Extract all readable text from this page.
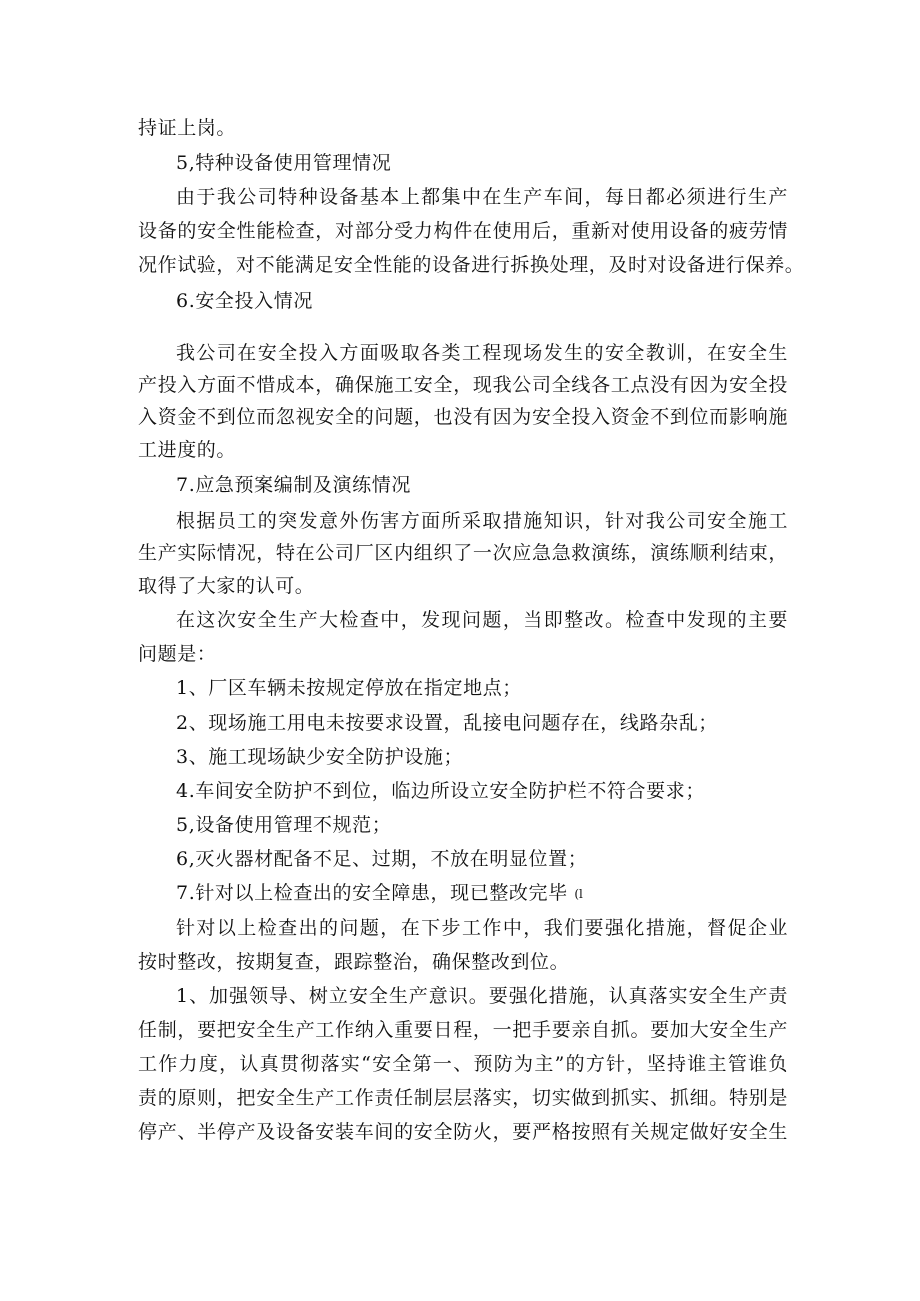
持证上岗。
5,特种设备使用管理情况
由于我公司特种设备基本上都集中在生产车间，每日都必须进行生产
设备的安全性能检查，对部分受力构件在使用后，重新对使用设备的疲劳情
况作试验，对不能满足安全性能的设备进行拆换处理，及时对设备进行保养。
6.安全投入情况
我公司在安全投入方面吸取各类工程现场发生的安全教训，在安全生
产投入方面不惜成本，确保施工安全，现我公司全线各工点没有因为安全投
入资金不到位而忽视安全的问题，也没有因为安全投入资金不到位而影响施
工进度的。
7.应急预案编制及演练情况
根据员工的突发意外伤害方面所采取措施知识，针对我公司安全施工
生产实际情况，特在公司厂区内组织了一次应急急救演练，演练顺利结束，
取得了大家的认可。
在这次安全生产大检查中，发现问题，当即整改。检查中发现的主要
问题是：
1、厂区车辆未按规定停放在指定地点；
2、现场施工用电未按要求设置，乱接电问题存在，线路杂乱；
3、施工现场缺少安全防护设施；
4.车间安全防护不到位，临边所设立安全防护栏不符合要求；
5,设备使用管理不规范；
6,灭火器材配备不足、过期，不放在明显位置；
7.针对以上检查出的安全障患，现已整改完毕 (l
针对以上检查出的问题，在下步工作中，我们要强化措施，督促企业
按时整改，按期复查，跟踪整治，确保整改到位。
1、加强领导、树立安全生产意识。要强化措施，认真落实安全生产责
任制，要把安全生产工作纳入重要日程，一把手要亲自抓。要加大安全生产
工作力度，认真贯彻落实“安全第一、预防为主”的方针，坚持谁主管谁负
责的原则，把安全生产工作责任制层层落实，切实做到抓实、抓细。特别是
停产、半停产及设备安装车间的安全防火，要严格按照有关规定做好安全生
